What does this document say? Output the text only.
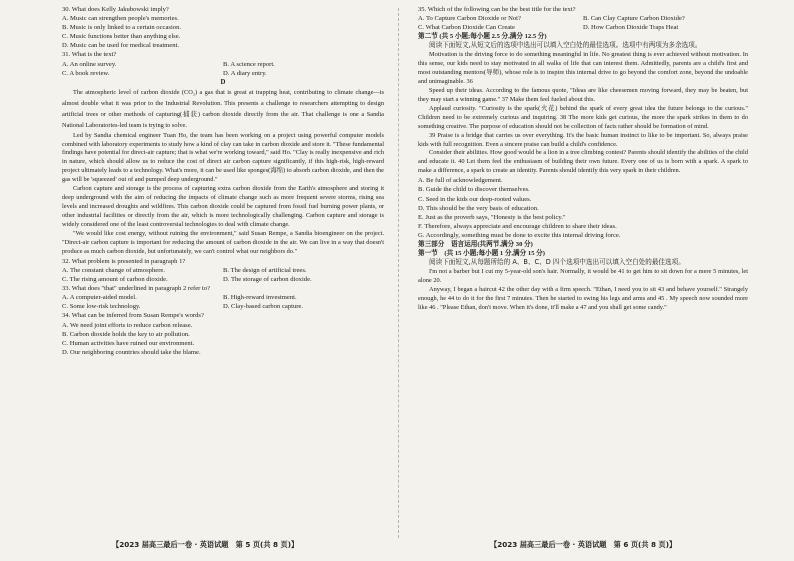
30. What does Kelly Jakubowski imply?

A. Music can strengthen people's memories.

B. Music is only linked to a certain occasion.

C. Music functions better than anything else.

D. Music can be used for medical treatment.

31. What is the text?

A. An online survey.	B. A science report.
C. A book review.	D. A diary entry.

D

The atmospheric level of carbon dioxide (CO₂) a gas that is great at trapping heat, contributing to climate change—is almost double what it was prior to the Industrial Revolution. This presents a challenge to researchers attempting to design artificial trees or other methods of capturing(捕获) carbon dioxide directly from the air. That challenge is one a Sandia National Laboratories-led team is trying to solve.

Led by Sandia chemical engineer Tuan Ho, the team has been working on a project using powerful computer models combined with laboratory experiments to study how a kind of clay can take in carbon dioxide and store it. "These fundamental findings have potential for direct-air capture; that is what we're working toward," said Ho. "Clay is really inexpensive and rich in nature, which should allow us to reduce the cost of direct air carbon capture significantly, if this high-risk, high-reward project ultimately leads to a technology. What's more, it can be used like sponges(海绵) to absorb carbon dioxide, and then the gas will be 'squeezed' out of and pumped deep underground."

Carbon capture and storage is the process of capturing extra carbon dioxide from the Earth's atmosphere and storing it deep underground with the aim of reducing the impacts of climate change such as more frequent severe storms, rising sea levels and increased droughts and wildfires. This carbon dioxide could be captured from fossil fuel burning power plants, or other industrial facilities or directly from the air, which is more technologically challenging. Carbon capture and storage is widely considered one of the least controversial technologies to deal with climate change.

"We would like cost energy, without ruining the environment," said Susan Rempe, a Sandia bioengineer on the project. "Direct-air carbon capture is important for reducing the amount of carbon dioxide in the air. We can live in a way that doesn't produce as much carbon dioxide, but unfortunately, we can't control what our neighbors do."

32. What problem is presented in paragraph 1?

A. The constant change of atmosphere.	B. The design of artificial trees.
C. The rising amount of carbon dioxide.	D. The storage of carbon dioxide.

33. What does "that" underlined in paragraph 2 refer to?

A. A computer-aided model.	B. High-reward investment.
C. Some low-risk technology.	D. Clay-based carbon capture.

34. What can be inferred from Susan Rempe's words?

A. We need joint efforts to reduce carbon release.

B. Carbon dioxide holds the key to air pollution.

C. Human activities have ruined our environment.

D. Our neighboring countries should take the blame.

35. Which of the following can be the best title for the text?

A. To Capture Carbon Dioxide or Not?	B. Can Clay Capture Carbon Dioxide?
C. What Carbon Dioxide Can Create	D. How Carbon Dioxide Traps Heat

第二节 (共 5 小题;每小题 2.5 分,满分 12.5 分)

阅读下面短文,从短文后的选项中选出可以填入空白处的最佳选项。选项中有两项为多余选项。

Motivation is the driving force to do something meaningful in life. No greatest thing is ever achieved without motivation. In this sense, our kids need to stay motivated in all walks of life that can interest them. Admittedly, parents are a child's first and most outstanding mentors(导师), whose role is to inspire this internal drive to go beyond the comfort zone, beyond the undoable and unimaginable. 36

Speed up their ideas. According to the famous quote, "Ideas are like cheesemen moving forward, they may be beaten, but they may start a winning game." 37 Make them feel fueled about this.

Applaud curiosity. "Curiosity is the spark(火花) behind the spark of every great idea the future belongs to the curious." Children need to be extremely curious and inquiring. 38 The more kids get curious, the more the spark strikes in them to do something creative. The purpose of education should not be collection of facts rather should be formation of mind.

39 Praise is a bridge that carries us over everything. It's the basic human instinct to like to be important. So, always praise kids with full recognition. Even a sincere praise can build a child's confidence.

Consider their abilities. How good would be a lion in a tree climbing contest? Parents should identify the abilities of the child and educate it. 40 Let them feel the enthusiasm of building their own future. Every one of us is born with a spark. A spark to make a difference, a spark to create an identity. Parents should identify this very spark in their children.

A. Be full of acknowledgement.

B. Guide the child to discover themselves.

C. Seed in the kids our deep-rooted values.

D. This should be the very basis of education.

E. Just as the proverb says, "Honesty is the best policy."

F. Therefore, always appreciate and encourage children to share their ideas.

G. Accordingly, something must be done to excite this internal driving force.

第三部分　语言运用(共两节,满分 30 分)

第一节　(共 15 小题;每小题 1 分,满分 15 分)

阅读下面短文,从每题所给的 A、B、C、D 四个选项中选出可以填入空白处的最佳选项。

I'm not a barber but I cut my 5-year-old son's hair. Normally, it would be 41 to get him to sit down for a mere 5 minutes, let alone 20.

Anyway, I began a haircut 42 the other day with a firm speech. "Ethan, I need you to sit 43 and behave yourself." Strangely enough, he 44 to do it for the first 7 minutes. Then he started to swing his legs and arms and 45 . My speech now sounded more like 46 . "Please Ethan, don't move. When it's done, it'll make a 47 and you shall get some candy."

【2023 届高三最后一卷 · 英语试题　第 5 页(共 8 页)】	【2023 届高三最后一卷 · 英语试题　第 6 页(共 8 页)】
